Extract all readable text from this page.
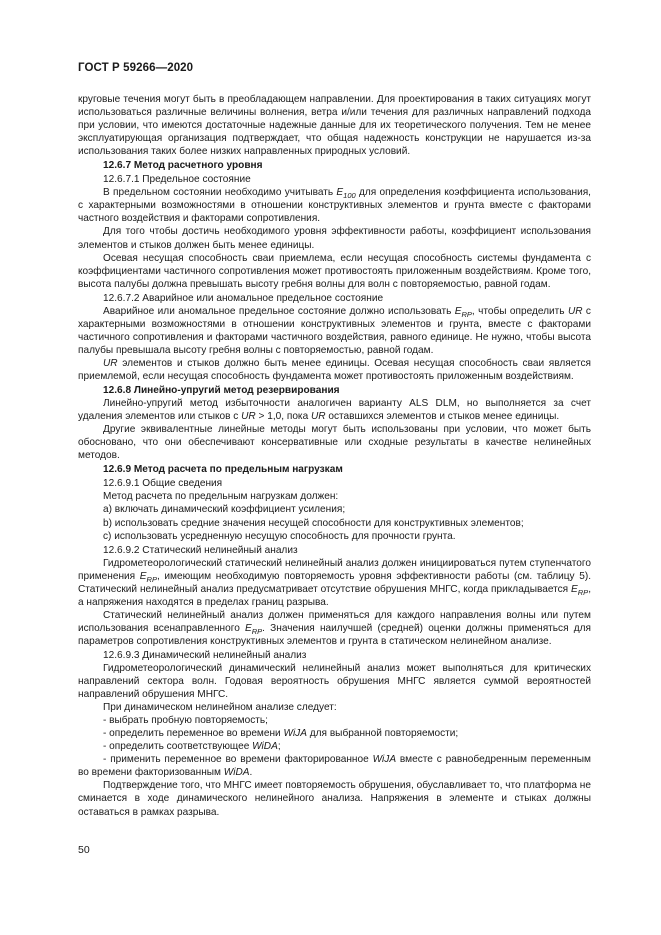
ГОСТ Р 59266—2020

круговые течения могут быть в преобладающем направлении. Для проектирования в таких ситуациях могут использоваться различные величины волнения, ветра и/или течения для различных направлений подхода при условии, что имеются достаточные надежные данные для их теоретического получения. Тем не менее эксплуатирующая организация подтверждает, что общая надежность конструкции не нарушается из-за использования таких более низких направленных природных условий.

12.6.7 Метод расчетного уровня

12.6.7.1 Предельное состояние

В предельном состоянии необходимо учитывать $E_{100}$ для определения коэффициента использования, с характерными возможностями в отношении конструктивных элементов и грунта вместе с факторами частного воздействия и факторами сопротивления.

Для того чтобы достичь необходимого уровня эффективности работы, коэффициент использования элементов и стыков должен быть менее единицы.

Осевая несущая способность сваи приемлема, если несущая способность системы фундамента с коэффициентами частичного сопротивления может противостоять приложенным воздействиям. Кроме того, высота палубы должна превышать высоту гребня волны для волн с повторяемостью, равной годам.

12.6.7.2 Аварийное или аномальное предельное состояние

Аварийное или аномальное предельное состояние должно использовать $E_{RP}$, чтобы определить UR с характерными возможностями в отношении конструктивных элементов и грунта, вместе с факторами частичного сопротивления и факторами частичного воздействия, равного единице. Не нужно, чтобы высота палубы превышала высоту гребня волны с повторяемостью, равной годам.

UR элементов и стыков должно быть менее единицы. Осевая несущая способность сваи является приемлемой, если несущая способность фундамента может противостоять приложенным воздействиям.

12.6.8 Линейно-упругий метод резервирования

Линейно-упругий метод избыточности аналогичен варианту ALS DLM, но выполняется за счет удаления элементов или стыков с UR > 1,0, пока UR оставшихся элементов и стыков менее единицы.

Другие эквивалентные линейные методы могут быть использованы при условии, что может быть обосновано, что они обеспечивают консервативные или сходные результаты в качестве нелинейных методов.

12.6.9 Метод расчета по предельным нагрузкам

12.6.9.1 Общие сведения

Метод расчета по предельным нагрузкам должен:

a) включать динамический коэффициент усиления;

b) использовать средние значения несущей способности для конструктивных элементов;

c) использовать усредненную несущую способность для прочности грунта.

12.6.9.2 Статический нелинейный анализ

Гидрометеорологический статический нелинейный анализ должен инициироваться путем ступенчатого применения $E_{RP}$, имеющим необходимую повторяемость уровня эффективности работы (см. таблицу 5). Статический нелинейный анализ предусматривает отсутствие обрушения МНГС, когда прикладывается $E_{RP}$, а напряжения находятся в пределах границ разрыва.

Статический нелинейный анализ должен применяться для каждого направления волны или путем использования всенаправленного $E_{RP}$. Значения наилучшей (средней) оценки должны применяться для параметров сопротивления конструктивных элементов и грунта в статическом нелинейном анализе.

12.6.9.3 Динамический нелинейный анализ

Гидрометеорологический динамический нелинейный анализ может выполняться для критических направлений сектора волн. Годовая вероятность обрушения МНГС является суммой вероятностей направлений обрушения МНГС.

При динамическом нелинейном анализе следует:

- выбрать пробную повторяемость;

- определить переменное во времени WiJA для выбранной повторяемости;

- определить соответствующее WiDA;

- применить переменное во времени факторированное WiJA вместе с равнобедренным переменным во времени факторизованным WiDA.

Подтверждение того, что МНГС имеет повторяемость обрушения, обуславливает то, что платформа не сминается в ходе динамического нелинейного анализа. Напряжения в элементе и стыках должны оставаться в рамках разрыва.

50
